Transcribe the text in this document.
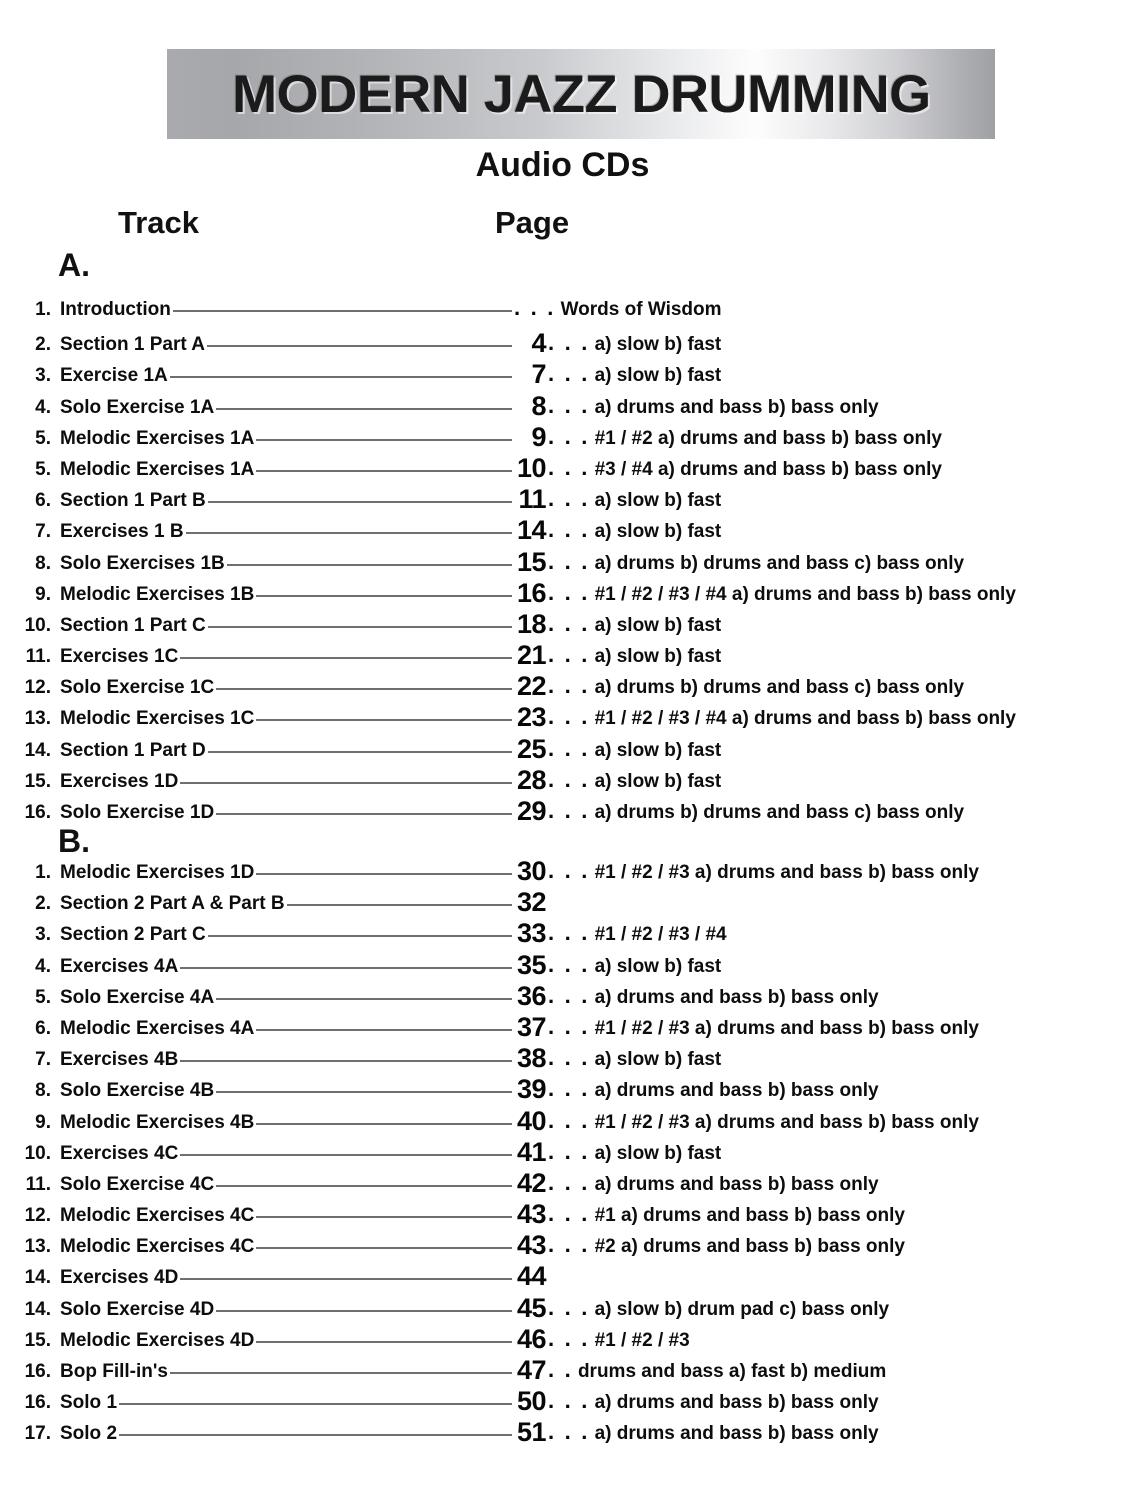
MODERN JAZZ DRUMMING
Audio CDs
Track	Page
A.
B.
1. Introduction	. . . Words of Wisdom
2. Section 1 Part A	4 . . . a) slow b) fast
3. Exercise 1A	7 . . . a) slow b) fast
4. Solo Exercise 1A	8 . . . a) drums and bass b) bass only
5. Melodic Exercises 1A	9 . . . #1 / #2 a) drums and bass b) bass only
5. Melodic Exercises 1A	10 . . . #3 / #4 a) drums and bass b) bass only
6. Section 1 Part B	11 . . . a) slow b) fast
7. Exercises 1 B	14 . . . a) slow b) fast
8. Solo Exercises 1B	15 . . . a) drums b) drums and bass c) bass only
9. Melodic Exercises 1B	16 . . . #1 / #2 / #3 / #4 a) drums and bass b) bass only
10. Section 1 Part C	18 . . . a) slow b) fast
11. Exercises 1C	21 . . . a) slow b) fast
12. Solo Exercise 1C	22 . . . a) drums b) drums and bass c) bass only
13. Melodic Exercises 1C	23 . . . #1 / #2 / #3 / #4 a) drums and bass b) bass only
14. Section 1 Part D	25 . . . a) slow b) fast
15. Exercises 1D	28 . . . a) slow b) fast
16. Solo Exercise 1D	29 . . . a) drums b) drums and bass c) bass only
1. Melodic Exercises 1D	30 . . . #1 / #2 / #3 a) drums and bass b) bass only
2. Section 2 Part A & Part B	32
3. Section 2 Part C	33 . . . #1 / #2 / #3 / #4
4. Exercises 4A	35 . . . a) slow b) fast
5. Solo Exercise 4A	36 . . . a) drums and bass b) bass only
6. Melodic Exercises 4A	37 . . . #1 / #2 / #3 a) drums and bass b) bass only
7. Exercises 4B	38 . . . a) slow b) fast
8. Solo Exercise 4B	39 . . . a) drums and bass b) bass only
9. Melodic Exercises 4B	40 . . . #1 / #2 / #3 a) drums and bass b) bass only
10. Exercises 4C	41 . . . a) slow b) fast
11. Solo Exercise 4C	42 . . . a) drums and bass b) bass only
12. Melodic Exercises 4C	43 . . . #1 a) drums and bass b) bass only
13. Melodic Exercises 4C	43 . . . #2 a) drums and bass b) bass only
14. Exercises 4D	44
14. Solo Exercise 4D	45 . . . a) slow b) drum pad c) bass only
15. Melodic Exercises 4D	46 . . . #1 / #2 / #3
16. Bop Fill-in's	47 . . drums and bass a) fast b) medium
16. Solo 1	50 . . . a) drums and bass b) bass only
17. Solo 2	51 . . . a) drums and bass b) bass only
